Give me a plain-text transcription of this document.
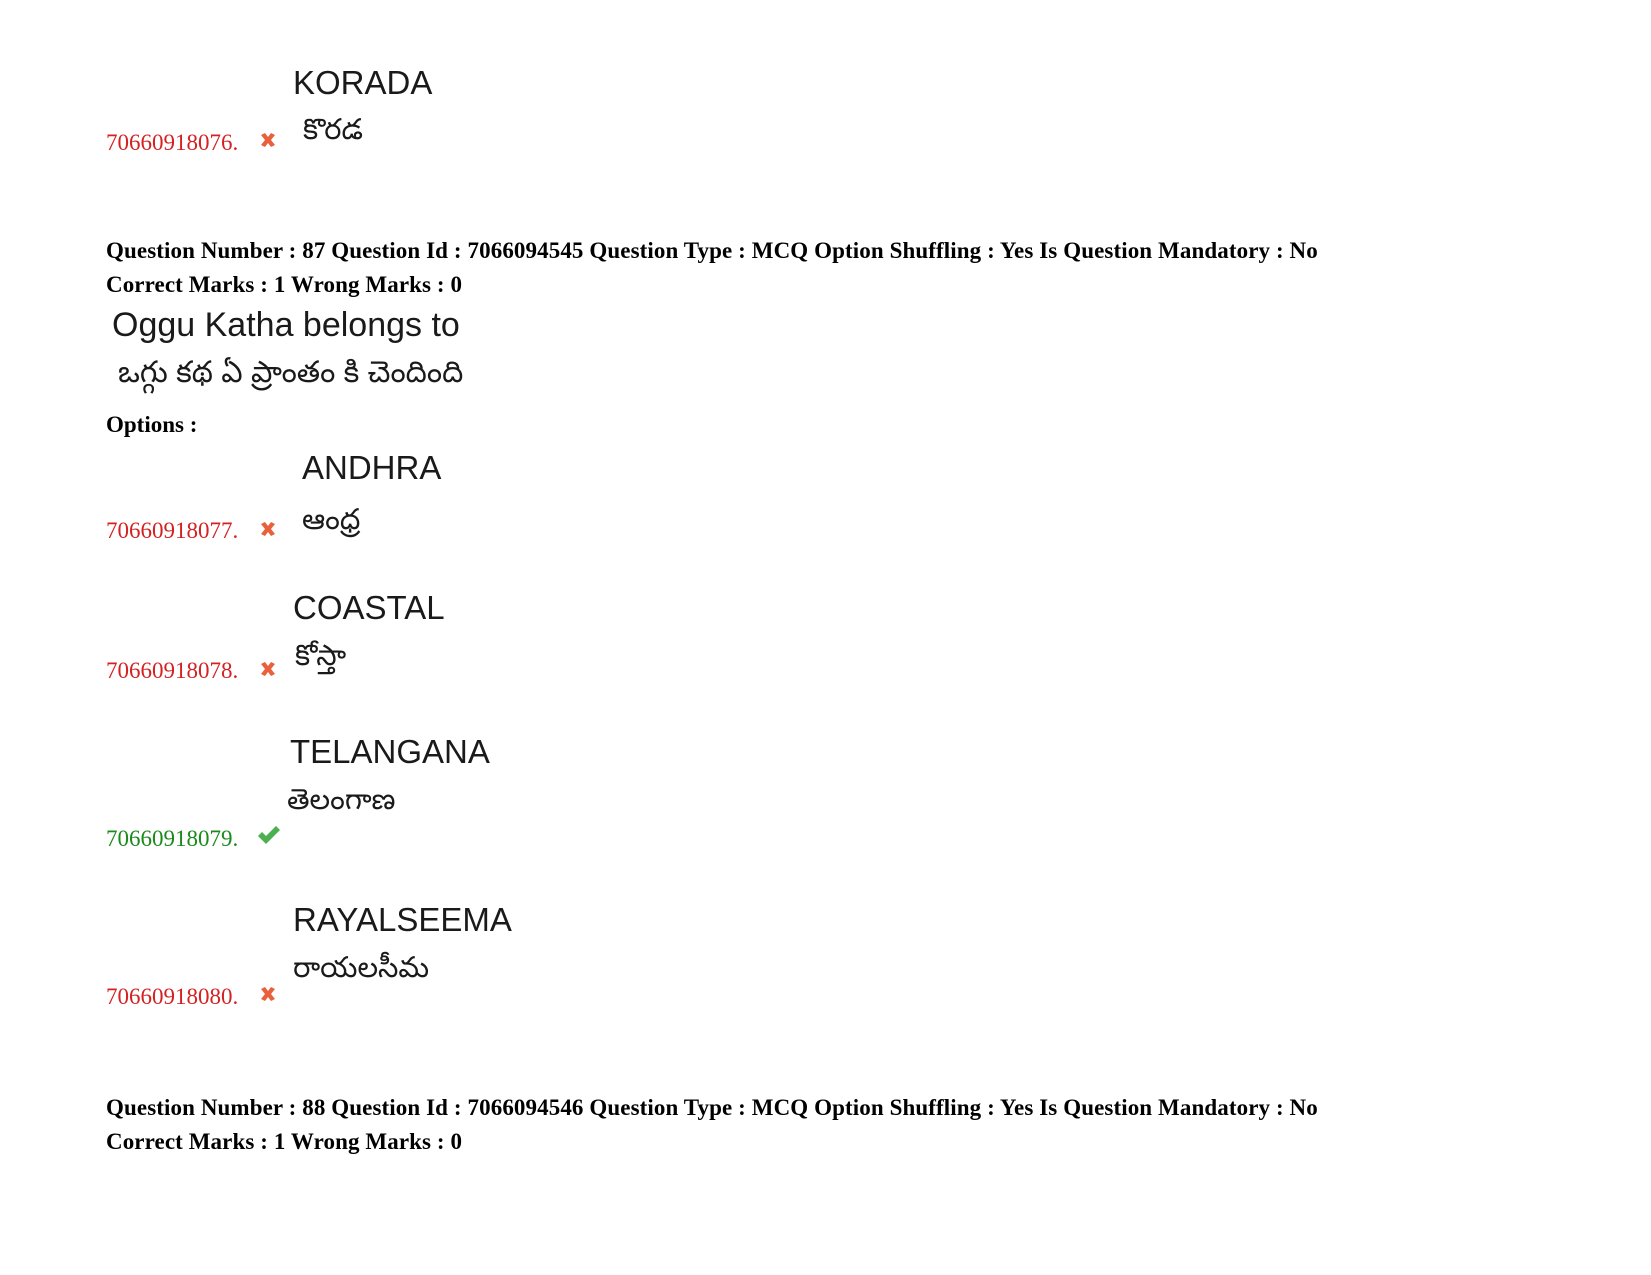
KORADA
కొరడ
70660918076.
Question Number : 87 Question Id : 7066094545 Question Type : MCQ Option Shuffling : Yes Is Question Mandatory : No
Correct Marks : 1 Wrong Marks : 0
Oggu Katha belongs to
ఒగ్గు కథ ఏ ప్రాంతం కి చెందింది
Options :
ANDHRA
ఆంధ్ర
70660918077.
COASTAL
కోస్తా
70660918078.
TELANGANA
తెలంగాణ
70660918079.
RAYALSEEMA
రాయలసీమ
70660918080.
Question Number : 88 Question Id : 7066094546 Question Type : MCQ Option Shuffling : Yes Is Question Mandatory : No
Correct Marks : 1 Wrong Marks : 0
